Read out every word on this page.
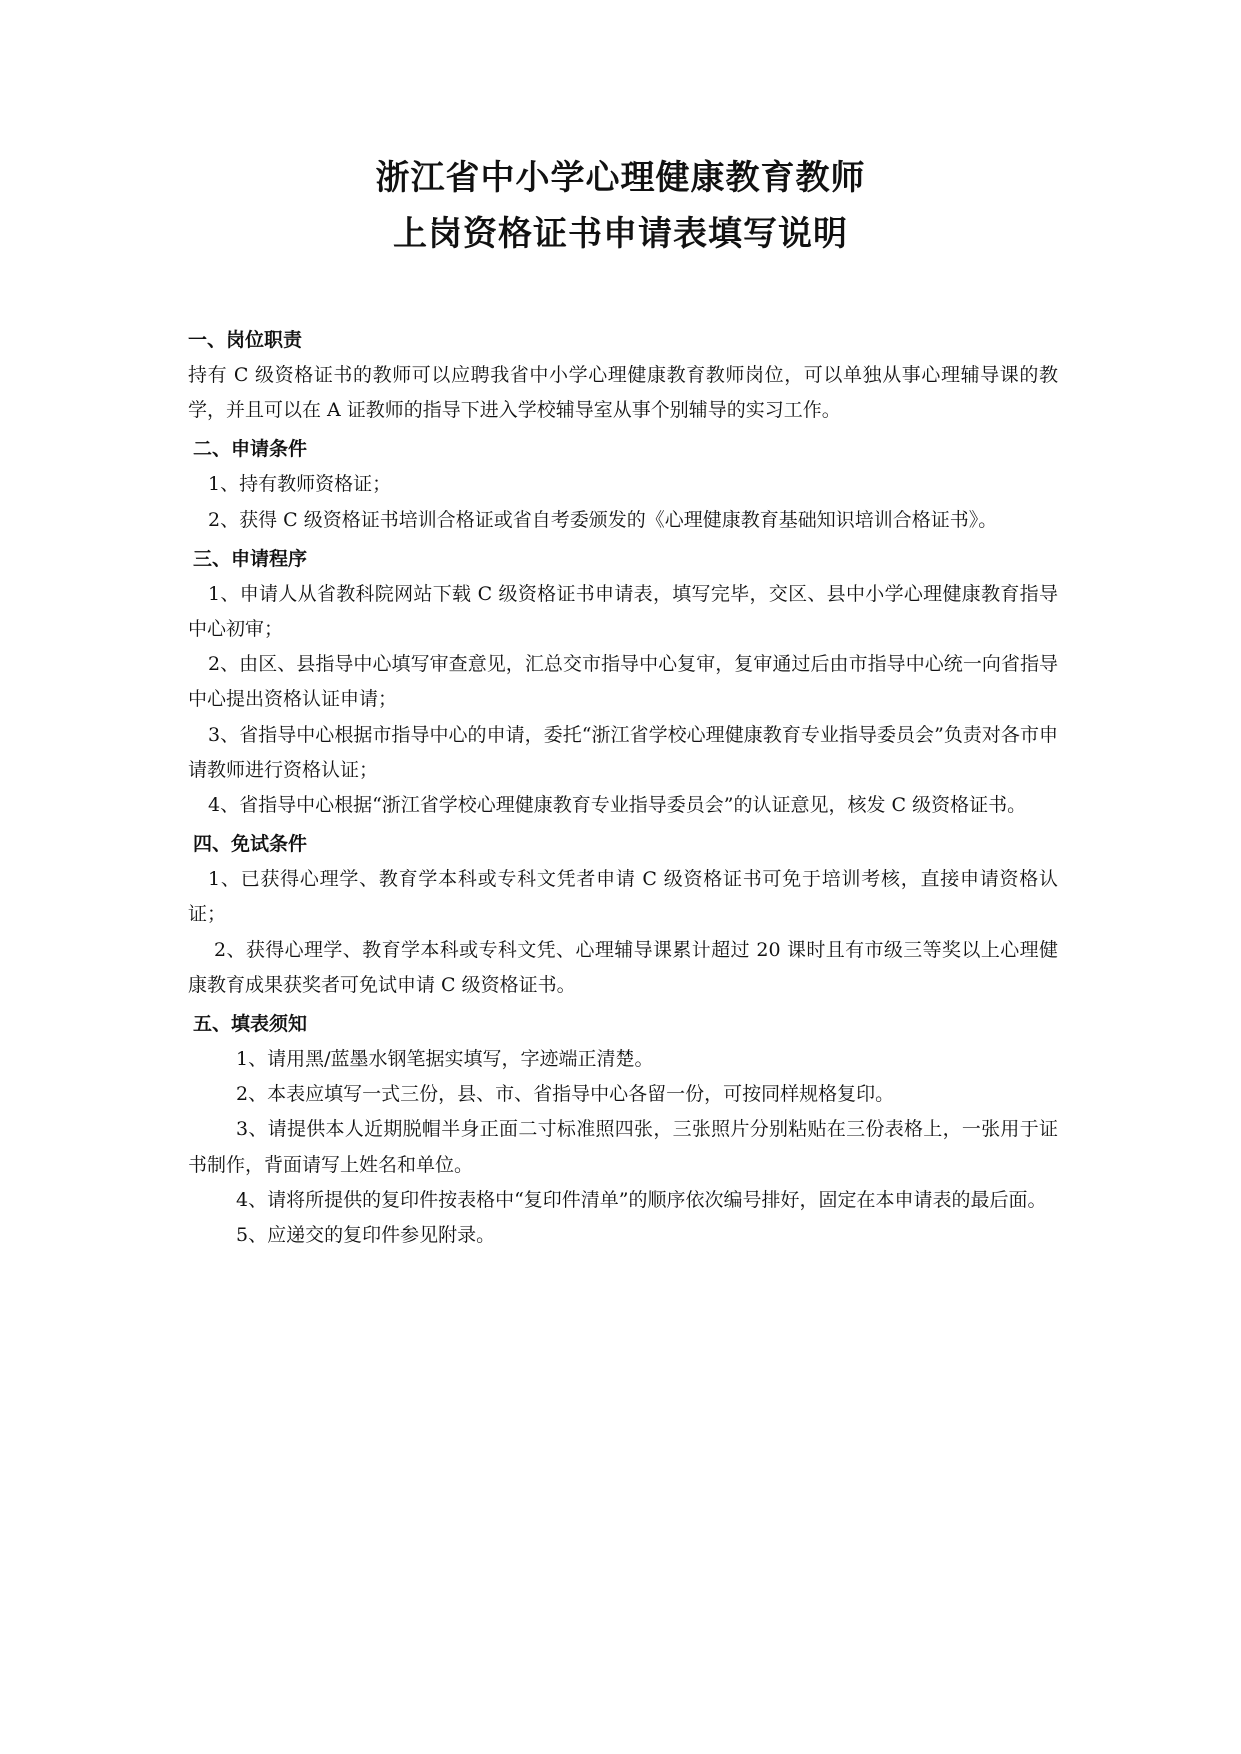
浙江省中小学心理健康教育教师
上岗资格证书申请表填写说明
一、岗位职责

持有 C 级资格证书的教师可以应聘我省中小学心理健康教育教师岗位，可以单独从事心理辅导课的教学，并且可以在 A 证教师的指导下进入学校辅导室从事个别辅导的实习工作。

二、申请条件

1、持有教师资格证；

2、获得 C 级资格证书培训合格证或省自考委颁发的《心理健康教育基础知识培训合格证书》。

三、申请程序

1、申请人从省教科院网站下载 C 级资格证书申请表，填写完毕，交区、县中小学心理健康教育指导中心初审；

2、由区、县指导中心填写审查意见，汇总交市指导中心复审，复审通过后由市指导中心统一向省指导中心提出资格认证申请；

3、省指导中心根据市指导中心的申请，委托“浙江省学校心理健康教育专业指导委员会”负责对各市申请教师进行资格认证；

4、省指导中心根据“浙江省学校心理健康教育专业指导委员会”的认证意见，核发 C 级资格证书。

四、免试条件

1、已获得心理学、教育学本科或专科文凭者申请 C 级资格证书可免于培训考核，直接申请资格认证；

2、获得心理学、教育学本科或专科文凭、心理辅导课累计超过 20 课时且有市级三等奖以上心理健康教育成果获奖者可免试申请 C 级资格证书。

五、填表须知

1、请用黑/蓝墨水钢笔据实填写，字迹端正清楚。

2、本表应填写一式三份，县、市、省指导中心各留一份，可按同样规格复印。

3、请提供本人近期脱帽半身正面二寸标准照四张，三张照片分别粘贴在三份表格上，一张用于证书制作，背面请写上姓名和单位。

4、请将所提供的复印件按表格中“复印件清单”的顺序依次编号排好，固定在本申请表的最后面。

5、应递交的复印件参见附录。
